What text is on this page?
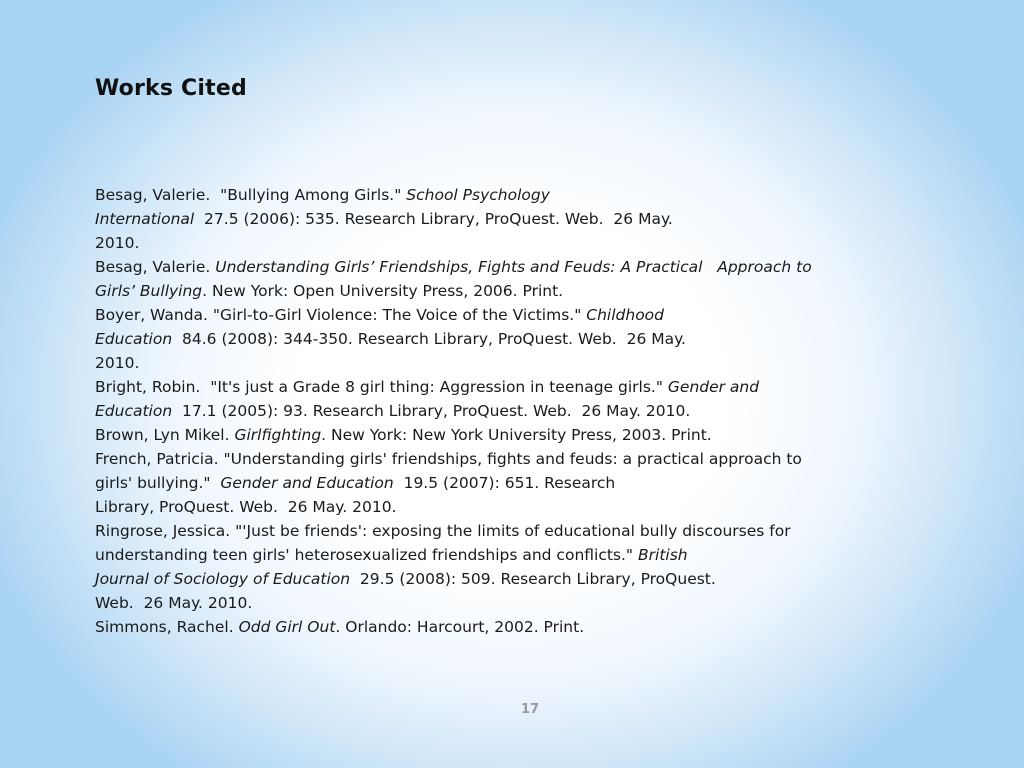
Works Cited
Besag, Valerie.  "Bullying Among Girls." School Psychology
International  27.5 (2006): 535. Research Library, ProQuest. Web.  26 May.
2010.
Besag, Valerie. Understanding Girls’ Friendships, Fights and Feuds: A Practical   Approach to
Girls’ Bullying. New York: Open University Press, 2006. Print.
Boyer, Wanda. "Girl-to-Girl Violence: The Voice of the Victims." Childhood
Education  84.6 (2008): 344-350. Research Library, ProQuest. Web.  26 May.
2010.
Bright, Robin.  "It's just a Grade 8 girl thing: Aggression in teenage girls." Gender and
Education  17.1 (2005): 93. Research Library, ProQuest. Web.  26 May. 2010.
Brown, Lyn Mikel. Girlfighting. New York: New York University Press, 2003. Print.
French, Patricia. "Understanding girls' friendships, fights and feuds: a practical approach to
girls' bullying."  Gender and Education  19.5 (2007): 651. Research
Library, ProQuest. Web.  26 May. 2010.
Ringrose, Jessica. "'Just be friends': exposing the limits of educational bully discourses for
understanding teen girls' heterosexualized friendships and conflicts." British
Journal of Sociology of Education  29.5 (2008): 509. Research Library, ProQuest.
Web.  26 May. 2010.
Simmons, Rachel. Odd Girl Out. Orlando: Harcourt, 2002. Print.
17
